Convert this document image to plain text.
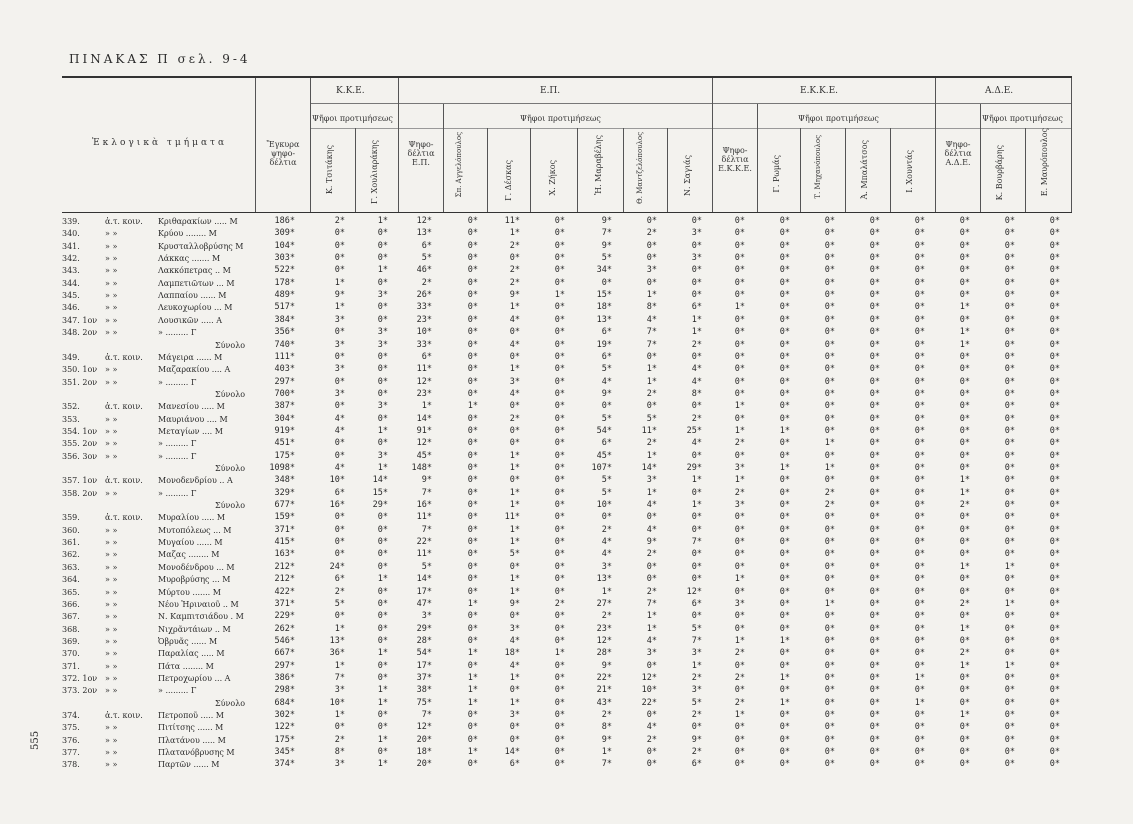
ΠΙΝΑΚΑΣ Π σελ. 9-4
555
Ἐκλογικὰ τμήματα	Ἔγκυρα ψηφο-δέλτια
Κ.Κ.Ε.
Ψῆφοι προτιμήσεως
Ε.Π.
Ψῆφοι προτιμήσεως
Ψηφο-δέλτια Ε.Π.
Ε.Κ.Κ.Ε.
Ψῆφοι προτιμήσεως
Ψηφο-δέλτια Ε.Κ.Κ.Ε.
Α.Δ.Ε.
Ψῆφοι προτιμήσεως
Ψηφο-δέλτια Α.Δ.Ε.
Κ. Τσιτάκης	Γ. Χουλιαράκης	Σπ. Αγγελόπουλος	Γ. Δέσκας	Χ. Ζήκος	Ἠ. Μαραβέλης	Θ. Μαντζελόπουλος	Ν. Σαγιάς	Γ. Ρωμάς	Τ. Μηχανόπουλος	Ἀ. Μπαλάτσος	Ι. Χουντάς	Κ. Βουρβάρης	Ε. Μαυρόπουλος
339.	ἀ.τ. κοιν. Κριθαρακίων ..... Μ	186*	2*	1*	12*	0*	11*	0*	9*	0*	0*	0*	0*	0*	0*	0*	0*	0*	0*
340.	» »	Κρύου ........ Μ	309*	0*	0*	13*	0*	1*	0*	7*	2*	3*	0*	0*	0*	0*	0*	0*	0*	0*
341.	» »	Κρυσταλλοβρύσης Μ	104*	0*	0*	6*	0*	2*	0*	9*	0*	0*	0*	0*	0*	0*	0*	0*	0*	0*
342.	» »	Λάκκας ....... Μ	303*	0*	0*	5*	0*	0*	0*	5*	0*	3*	0*	0*	0*	0*	0*	0*	0*	0*
343.	» »	Λακκόπετρας .. Μ	522*	0*	1*	46*	0*	2*	0*	34*	3*	0*	0*	0*	0*	0*	0*	0*	0*	0*
344.	» »	Λαμπετιῶτων ... Μ	178*	1*	0*	2*	0*	2*	0*	0*	0*	0*	0*	0*	0*	0*	0*	0*	0*	0*
345.	» »	Λαππαίου ...... Μ	489*	9*	3*	26*	0*	9*	1*	15*	1*	0*	0*	0*	0*	0*	0*	0*	0*	0*
346.	» »	Λευκοχωρίου ... Μ	517*	1*	0*	33*	0*	1*	0*	18*	8*	6*	1*	0*	0*	0*	0*	1*	0*	0*
347. 1ον » »	Λουσικῶν ..... Α	384*	3*	0*	23*	0*	4*	0*	13*	4*	1*	0*	0*	0*	0*	0*	0*	0*	0*
348. 2ον » »	» ......... Γ	356*	0*	3*	10*	0*	0*	0*	6*	7*	1*	0*	0*	0*	0*	0*	1*	0*	0*
Σύνολο	740*	3*	3*	33*	0*	4*	0*	19*	7*	2*	0*	0*	0*	0*	0*	1*	0*	0*
349.	ἀ.τ. κοιν. Μάγειρα ...... Μ	111*	0*	0*	6*	0*	0*	0*	6*	0*	0*	0*	0*	0*	0*	0*	0*	0*	0*
350. 1ον » »	Μαζαρακίου .... Α	403*	3*	0*	11*	0*	1*	0*	5*	1*	4*	0*	0*	0*	0*	0*	0*	0*	0*
351. 2ον » »	» ......... Γ	297*	0*	0*	12*	0*	3*	0*	4*	1*	4*	0*	0*	0*	0*	0*	0*	0*	0*
Σύνολο	700*	3*	0*	23*	0*	4*	0*	9*	2*	8*	0*	0*	0*	0*	0*	0*	0*	0*
352.	ἀ.τ. κοιν. Μανεσίου ..... Μ	387*	0*	3*	1*	1*	0*	0*	0*	0*	0*	1*	0*	0*	0*	0*	0*	0*	0*
353.	» »	Μαυριάνου .... Μ	304*	4*	0*	14*	0*	2*	0*	5*	5*	2*	0*	0*	0*	0*	0*	0*	0*	0*
354. 1ον » »	Μεταγίων .... Μ	919*	4*	1*	91*	0*	0*	0*	54*	11*	25*	1*	1*	0*	0*	0*	0*	0*	0*
355. 2ον » »	» ......... Γ	451*	0*	0*	12*	0*	0*	0*	6*	2*	4*	2*	0*	1*	0*	0*	0*	0*	0*
356. 3ον » »	» ......... Γ	175*	0*	3*	45*	0*	1*	0*	45*	1*	0*	0*	0*	0*	0*	0*	0*	0*	0*
Σύνολο	1098*	4*	1*	148*	0*	1*	0*	107*	14*	29*	3*	1*	1*	0*	0*	0*	0*	0*
357. 1ον ἀ.τ. κοιν. Μονοδενδρίου .. Α	348*	10*	14*	9*	0*	0*	0*	5*	3*	1*	1*	0*	0*	0*	0*	1*	0*	0*
358. 2ον » »	» ......... Γ	329*	6*	15*	7*	0*	1*	0*	5*	1*	0*	2*	0*	2*	0*	0*	1*	0*	0*
Σύνολο	677*	16*	29*	16*	0*	1*	0*	10*	4*	1*	3*	0*	2*	0*	0*	2*	0*	0*
359.	ἀ.τ. κοιν. Μυραλίου ..... Μ	159*	0*	0*	11*	0*	11*	0*	0*	0*	0*	0*	0*	0*	0*	0*	0*	0*	0*
360.	» »	Μυτοπόλεως ... Μ	371*	0*	0*	7*	0*	1*	0*	2*	4*	0*	0*	0*	0*	0*	0*	0*	0*	0*
361.	» »	Μυγαίου ...... Μ	415*	0*	0*	22*	0*	1*	0*	4*	9*	7*	0*	0*	0*	0*	0*	0*	0*	0*
362.	» »	Μαζας ........ Μ	163*	0*	0*	11*	0*	5*	0*	4*	2*	0*	0*	0*	0*	0*	0*	0*	0*	0*
363.	» »	Μονοδένδρου ... Μ	212*	24*	0*	5*	0*	0*	0*	3*	0*	0*	0*	0*	0*	0*	0*	1*	1*	0*
364.	» »	Μυροβρύσης ... Μ	212*	6*	1*	14*	0*	1*	0*	13*	0*	0*	1*	0*	0*	0*	0*	0*	0*	0*
365.	» »	Μύρτου ....... Μ	422*	2*	0*	17*	0*	1*	0*	1*	2*	12*	0*	0*	0*	0*	0*	0*	0*	0*
366.	» »	Νέου Ἠριναιοῦ .. Μ	371*	5*	0*	47*	1*	9*	2*	27*	7*	6*	3*	0*	1*	0*	0*	2*	1*	0*
367.	» »	Ν. Καμπιτσιάδου . Μ	229*	0*	0*	3*	0*	0*	0*	2*	1*	0*	0*	0*	0*	0*	0*	0*	0*	0*
368.	» »	Νιχρᾶντάιων .. Μ	262*	1*	0*	29*	0*	3*	0*	23*	1*	5*	0*	0*	0*	0*	0*	1*	0*	0*
369.	» »	Ὀβρυᾶς ...... Μ	546*	13*	0*	28*	0*	4*	0*	12*	4*	7*	1*	1*	0*	0*	0*	0*	0*	0*
370.	» »	Παραλίας ..... Μ	667*	36*	1*	54*	1*	18*	1*	28*	3*	3*	2*	0*	0*	0*	0*	2*	0*	0*
371.	» »	Πάτα ........ Μ	297*	1*	0*	17*	0*	4*	0*	9*	0*	1*	0*	0*	0*	0*	0*	1*	1*	0*
372. 1ον » »	Πετροχωρίου ... Α	386*	7*	0*	37*	1*	1*	0*	22*	12*	2*	2*	1*	0*	0*	1*	0*	0*	0*
373. 2ον » »	» ......... Γ	298*	3*	1*	38*	1*	0*	0*	21*	10*	3*	0*	0*	0*	0*	0*	0*	0*	0*
Σύνολο	684*	10*	1*	75*	1*	1*	0*	43*	22*	5*	2*	1*	0*	0*	1*	0*	0*	0*
374.	ἀ.τ. κοιν. Πετροποῦ ..... Μ	302*	1*	0*	7*	0*	3*	0*	2*	0*	2*	1*	0*	0*	0*	0*	1*	0*	0*
375.	» »	Πιτίτσης ...... Μ	122*	0*	0*	12*	0*	0*	0*	8*	4*	0*	0*	0*	0*	0*	0*	0*	0*	0*
376.	» »	Πλατάνου ..... Μ	175*	2*	1*	20*	0*	0*	0*	9*	2*	9*	0*	0*	0*	0*	0*	0*	0*	0*
377.	» »	Πλατανόβρυσης Μ	345*	8*	0*	18*	1*	14*	0*	1*	0*	2*	0*	0*	0*	0*	0*	0*	0*	0*
378.	» »	Παρτῶν ...... Μ	374*	3*	1*	20*	0*	6*	0*	7*	0*	6*	0*	0*	0*	0*	0*	0*	0*	0*
